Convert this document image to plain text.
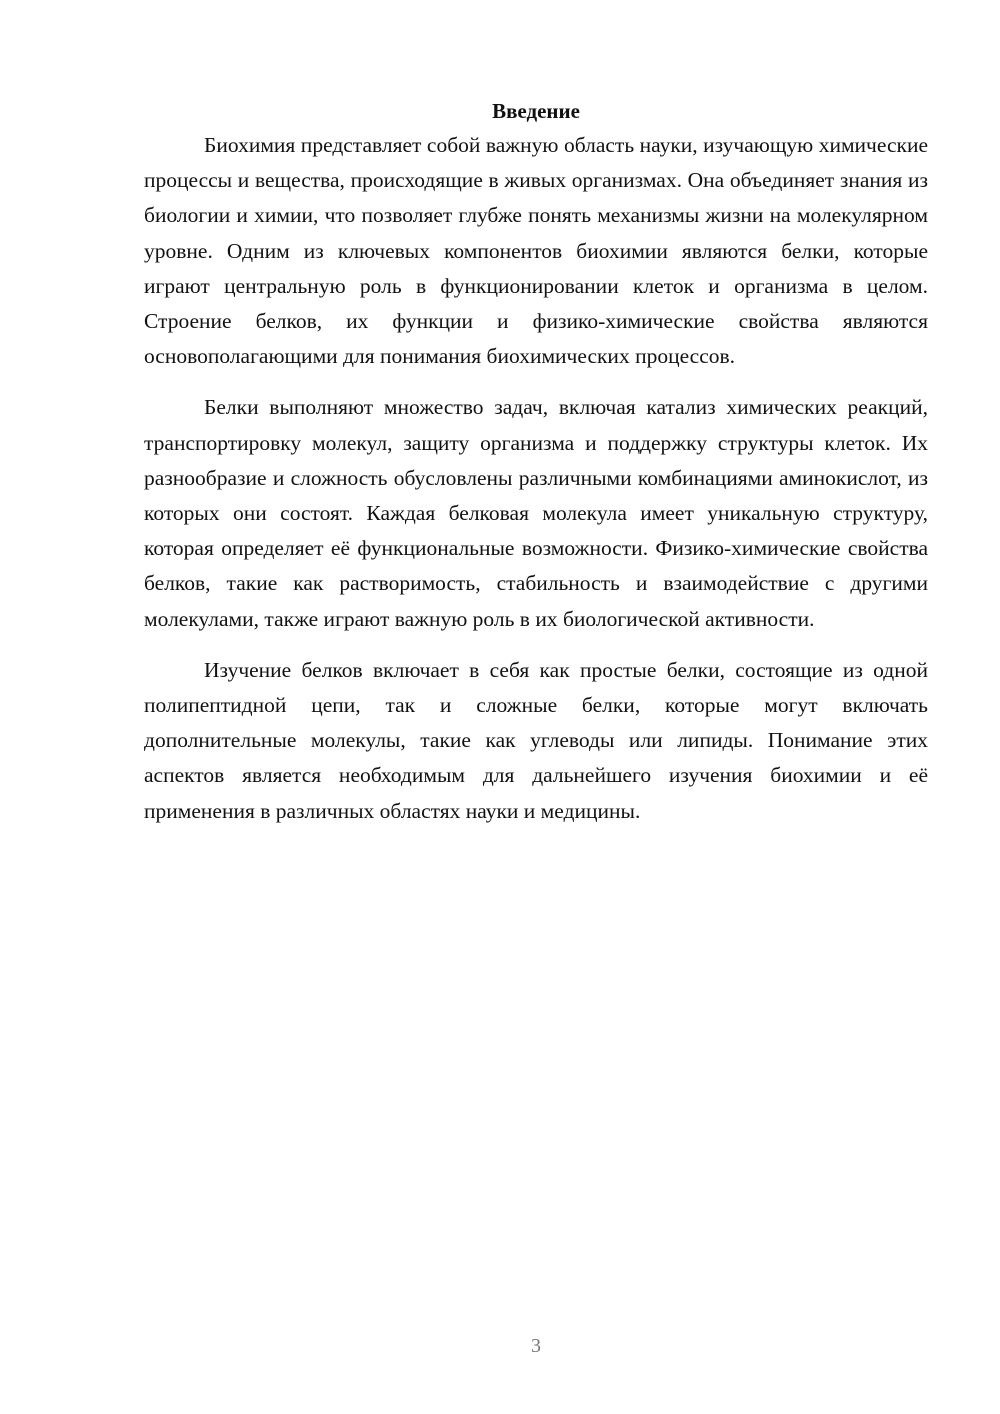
Введение

Биохимия представляет собой важную область науки, изучающую химические процессы и вещества, происходящие в живых организмах. Она объединяет знания из биологии и химии, что позволяет глубже понять механизмы жизни на молекулярном уровне. Одним из ключевых компонентов биохимии являются белки, которые играют центральную роль в функционировании клеток и организма в целом. Строение белков, их функции и физико-химические свойства являются основополагающими для понимания биохимических процессов.

Белки выполняют множество задач, включая катализ химических реакций, транспортировку молекул, защиту организма и поддержку структуры клеток. Их разнообразие и сложность обусловлены различными комбинациями аминокислот, из которых они состоят. Каждая белковая молекула имеет уникальную структуру, которая определяет её функциональные возможности. Физико-химические свойства белков, такие как растворимость, стабильность и взаимодействие с другими молекулами, также играют важную роль в их биологической активности.

Изучение белков включает в себя как простые белки, состоящие из одной полипептидной цепи, так и сложные белки, которые могут включать дополнительные молекулы, такие как углеводы или липиды. Понимание этих аспектов является необходимым для дальнейшего изучения биохимии и её применения в различных областях науки и медицины.

3
